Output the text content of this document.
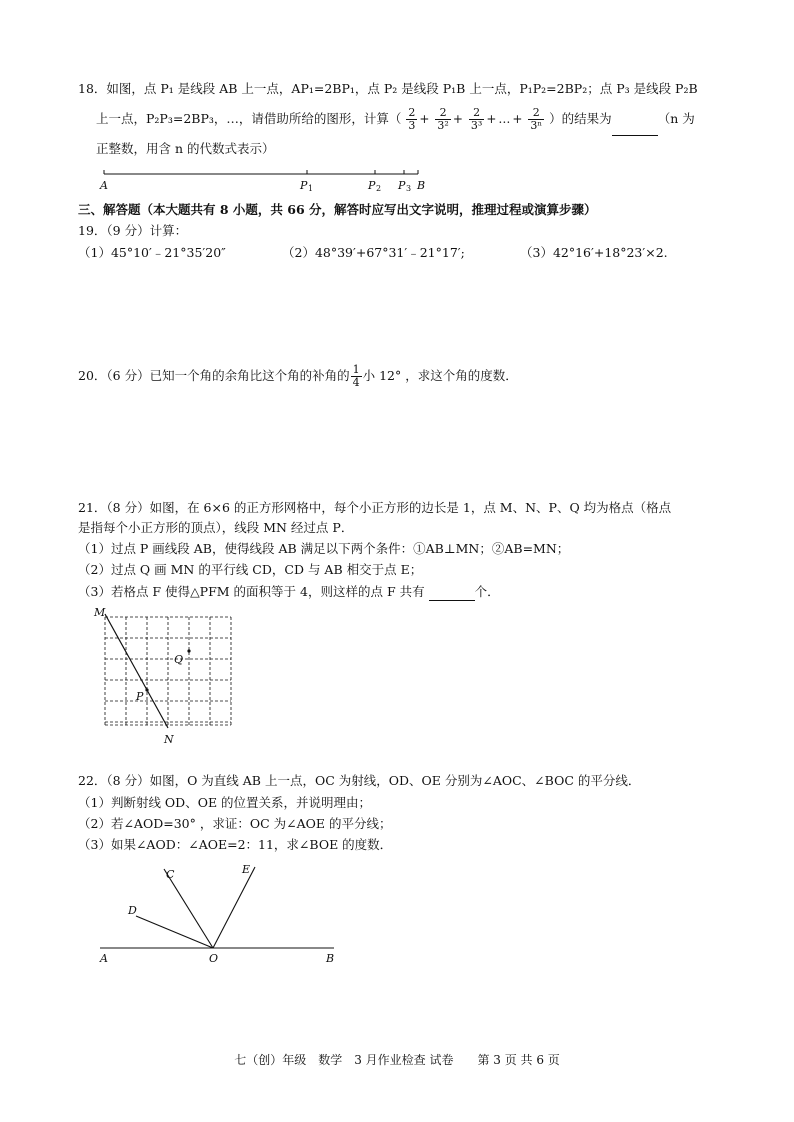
18．如图，点 P₁ 是线段 AB 上一点，AP₁=2BP₁，点 P₂ 是线段 P₁B 上一点，P₁P₂=2BP₂；点 P₃ 是线段 P₂B
上一点，P₂P₃=2BP₃，…，请借助所给的图形，计算（ $\frac{2}{3} + \frac{2}{\text{3²}} + \frac{2}{\text{3³}}$ + … + $\frac{2}{\text{3ⁿ}}$ ）的结果为	（n 为
正整数，用含 n 的代数式表示）
A	P 1	P 2 P 3 B
三、解答题（本大题共有 8 小题，共 66 分，解答时应写出文字说明，推理过程或演算步骤）
19．（9 分）计算：
（1）45°10′﹣21°35′20″	（2）48°39′+67°31′﹣21°17′;	（3）42°16′+18°23′×2.
20．（6 分）已知一个角的余角比这个角的补角的 $\frac{1}{4}$ 小 12° ，求这个角的度数．
21．（8 分）如图，在 6×6 的正方形网格中，每个小正方形的边长是 1，点 M、N、P、Q 均为格点（格点
是指每个小正方形的顶点），线段 MN 经过点 P．
（1）过点 P 画线段 AB，使得线段 AB 满足以下两个条件：①AB⊥MN；②AB=MN；
（2）过点 Q 画 MN 的平行线 CD，CD 与 AB 相交于点 E；
（3）若格点 F 使得△PFM 的面积等于 4，则这样的点 F 共有	个．
M
N
P
Q
22．（8 分）如图，O 为直线 AB 上一点，OC 为射线，OD、OE 分别为∠AOC、∠BOC 的平分线．
（1）判断射线 OD、OE 的位置关系，并说明理由；
（2）若∠AOD=30° ，求证：OC 为∠AOE 的平分线；
（3）如果∠AOD：∠AOE=2：11，求∠BOE 的度数．
A	O	B
C
D
E
七（创）年级　数学　3 月作业检查 试卷　　第 3 页 共 6 页
